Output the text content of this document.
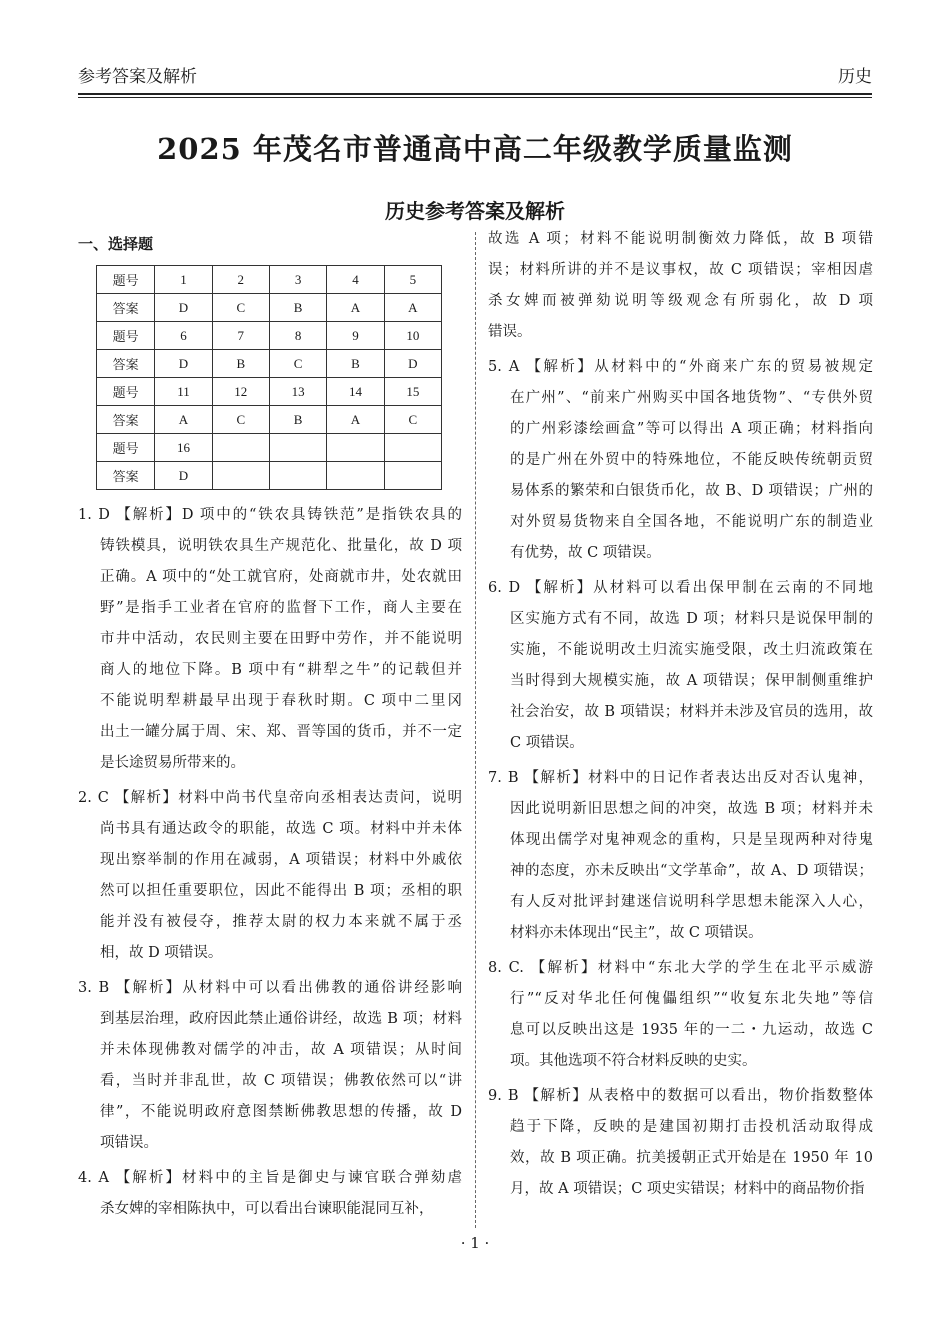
参考答案及解析	历史
2025 年茂名市普通高中高二年级教学质量监测
历史参考答案及解析
一、选择题
题号	1	2	3	4	5
答案	D	C	B	A	A
题号	6	7	8	9	10
答案	D	B	C	B	D
题号	11	12	13	14	15
答案	A	C	B	A	C
题号	16				
答案	D				
1. D 【解析】D 项中的“铁农具铸铁范”是指铁农具的
铸铁模具，说明铁农具生产规范化、批量化，故 D 项
正确。A 项中的“处工就官府，处商就市井，处农就田
野”是指手工业者在官府的监督下工作，商人主要在
市井中活动，农民则主要在田野中劳作，并不能说明
商人的地位下降。B 项中有“耕犁之牛”的记载但并
不能说明犁耕最早出现于春秋时期。C 项中二里冈
出土一罐分属于周、宋、郑、晋等国的货币，并不一定
是长途贸易所带来的。
2. C 【解析】材料中尚书代皇帝向丞相表达责问，说明
尚书具有通达政令的职能，故选 C 项。材料中并未体
现出察举制的作用在减弱，A 项错误；材料中外戚依
然可以担任重要职位，因此不能得出 B 项；丞相的职
能并没有被侵夺，推荐太尉的权力本来就不属于丞
相，故 D 项错误。
3. B 【解析】从材料中可以看出佛教的通俗讲经影响
到基层治理，政府因此禁止通俗讲经，故选 B 项；材料
并未体现佛教对儒学的冲击，故 A 项错误；从时间
看，当时并非乱世，故 C 项错误；佛教依然可以“讲
律”，不能说明政府意图禁断佛教思想的传播，故 D
项错误。
4. A 【解析】材料中的主旨是御史与谏官联合弹劾虐
杀女婢的宰相陈执中，可以看出台谏职能混同互补，
故选 A 项；材料不能说明制衡效力降低，故 B 项错
误；材料所讲的并不是议事权，故 C 项错误；宰相因虐
杀女婢而被弹劾说明等级观念有所弱化，故 D 项
错误。
5. A 【解析】从材料中的“外商来广东的贸易被规定
在广州”、“前来广州购买中国各地货物”、“专供外贸
的广州彩漆绘画盒”等可以得出 A 项正确；材料指向
的是广州在外贸中的特殊地位，不能反映传统朝贡贸
易体系的繁荣和白银货币化，故 B、D 项错误；广州的
对外贸易货物来自全国各地，不能说明广东的制造业
有优势，故 C 项错误。
6. D 【解析】从材料可以看出保甲制在云南的不同地
区实施方式有不同，故选 D 项；材料只是说保甲制的
实施，不能说明改土归流实施受限，改土归流政策在
当时得到大规模实施，故 A 项错误；保甲制侧重维护
社会治安，故 B 项错误；材料并未涉及官员的选用，故
C 项错误。
7. B 【解析】材料中的日记作者表达出反对否认鬼神，
因此说明新旧思想之间的冲突，故选 B 项；材料并未
体现出儒学对鬼神观念的重构，只是呈现两种对待鬼
神的态度，亦未反映出“文学革命”，故 A、D 项错误；
有人反对批评封建迷信说明科学思想未能深入人心，
材料亦未体现出“民主”，故 C 项错误。
8. C. 【解析】材料中“东北大学的学生在北平示威游
行”“反对华北任何傀儡组织”“收复东北失地”等信
息可以反映出这是 1935 年的一二・九运动，故选 C
项。其他选项不符合材料反映的史实。
9. B 【解析】从表格中的数据可以看出，物价指数整体
趋于下降，反映的是建国初期打击投机活动取得成
效，故 B 项正确。抗美援朝正式开始是在 1950 年 10
月，故 A 项错误；C 项史实错误；材料中的商品物价指
· 1 ·
